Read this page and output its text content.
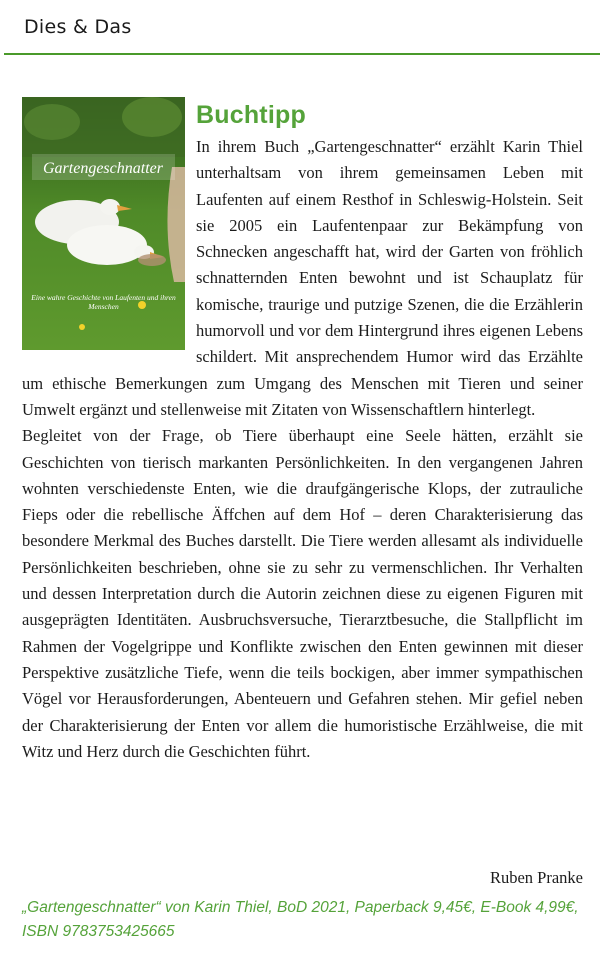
Dies & Das
Gartengeschnatter
Eine wahre Geschichte von Laufenten und ihren Menschen
Buchtipp

In ihrem Buch „Gartengeschnatter“ erzählt Karin Thiel unterhaltsam von ihrem gemeinsamen Leben mit Laufenten auf einem Resthof in Schleswig-Holstein. Seit sie 2005 ein Laufentenpaar zur Bekämpfung von Schnecken angeschafft hat, wird der Garten von fröhlich schnatternden Enten bewohnt und ist Schauplatz für komische, traurige und putzige Szenen, die die Erzählerin humorvoll und vor dem Hintergrund ihres eigenen Lebens schildert. Mit ansprechendem Humor wird das Erzählte um ethische Bemerkungen zum Umgang des Menschen mit Tieren und seiner Umwelt ergänzt und stellenweise mit Zitaten von Wissenschaftlern hinterlegt.

Begleitet von der Frage, ob Tiere überhaupt eine Seele hätten, erzählt sie Geschichten von tierisch markanten Persönlichkeiten. In den vergangenen Jahren wohnten verschiedenste Enten, wie die draufgängerische Klops, der zutrauliche Fieps oder die rebellische Äffchen auf dem Hof – deren Charakterisierung das besondere Merkmal des Buches darstellt. Die Tiere werden allesamt als individuelle Persönlichkeiten beschrieben, ohne sie zu sehr zu vermenschlichen. Ihr Verhalten und dessen Interpretation durch die Autorin zeichnen diese zu eigenen Figuren mit ausgeprägten Identitäten. Ausbruchsversuche, Tierarztbesuche, die Stallpflicht im Rahmen der Vogelgrippe und Konflikte zwischen den Enten gewinnen mit dieser Perspektive zusätzliche Tiefe, wenn die teils bockigen, aber immer sympathischen Vögel vor Herausforderungen, Abenteuern und Gefahren stehen. Mir gefiel neben der Charakterisierung der Enten vor allem die humoristische Erzählweise, die mit Witz und Herz durch die Geschichten führt.

Ruben Pranke
„Gartengeschnatter“ von Karin Thiel, BoD 2021, Paperback 9,45€, E-Book 4,99€, ISBN 9783753425665
